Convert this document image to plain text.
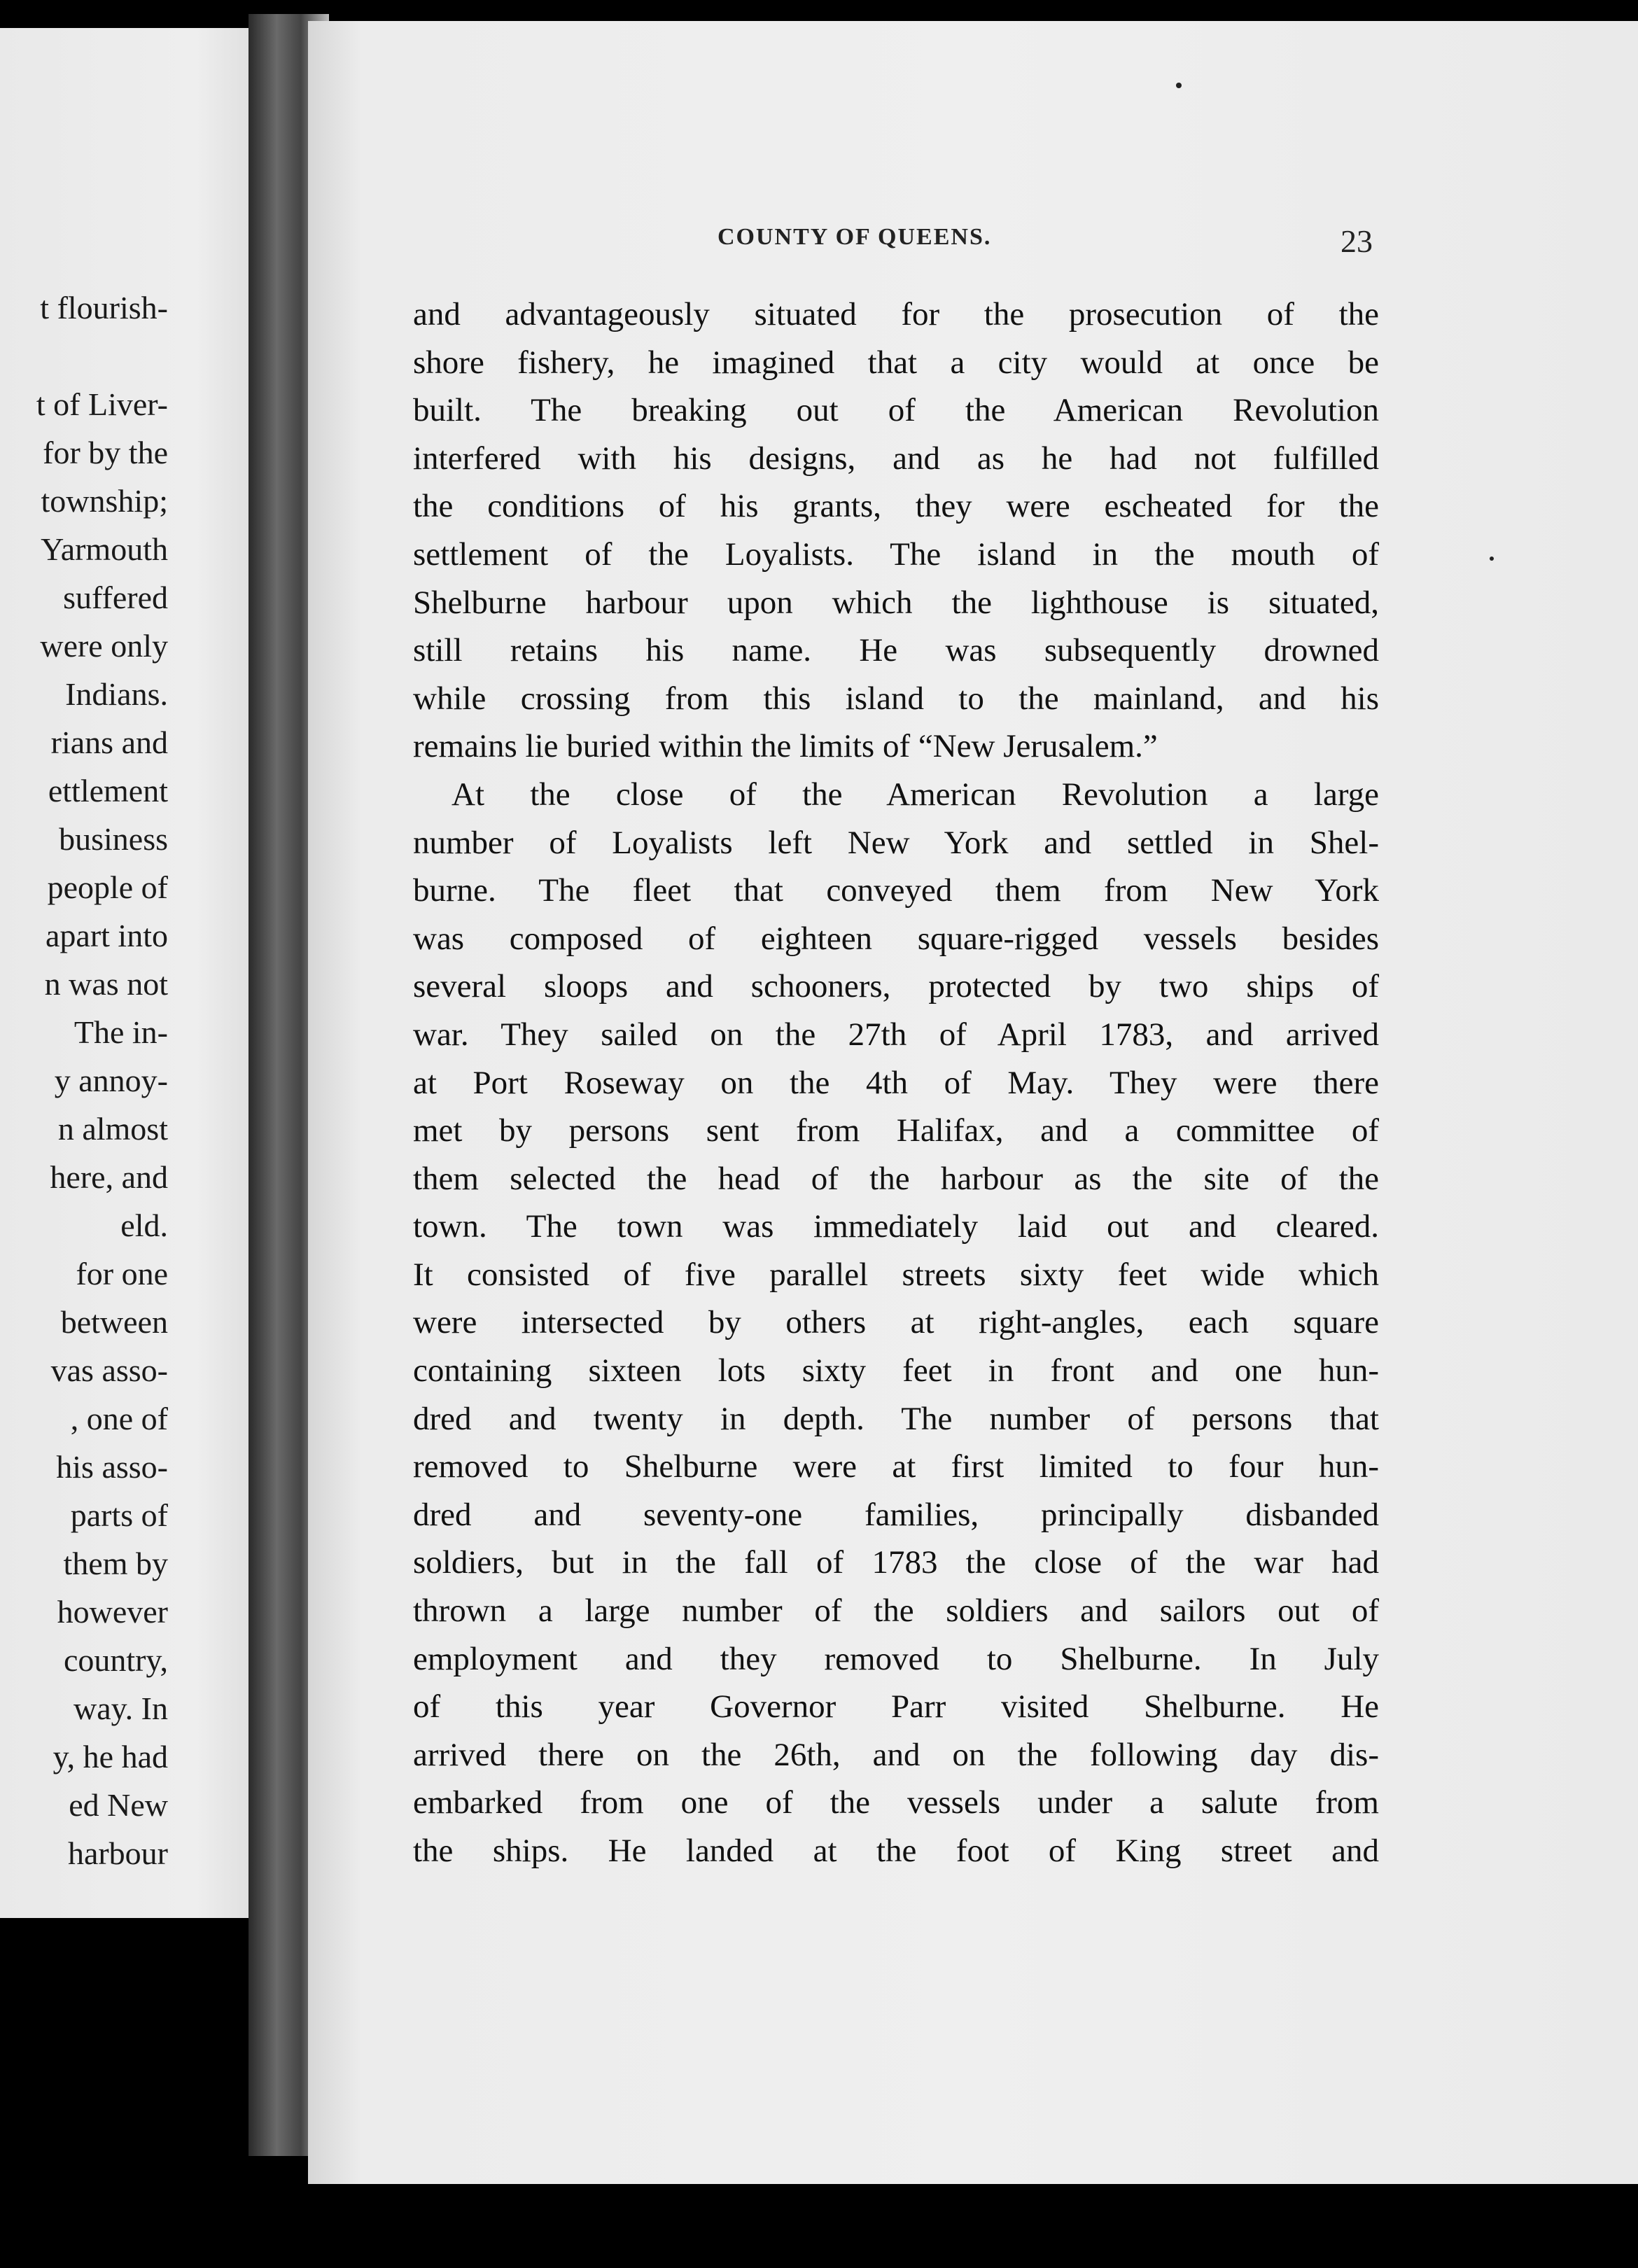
t flourish-
t of Liver-
for by the
township;
Yarmouth
suffered
were only
Indians.
rians and
ettlement
business
people of
apart into
n was not
The in-
y annoy-
n almost
here, and
eld.
for one
between
vas asso-
, one of
his asso-
parts of
them by
however
country,
way. In
y, he had
ed New
harbour
COUNTY OF QUEENS.	23
and advantageously situated for the prosecution of the
shore fishery, he imagined that a city would at once be
built. The breaking out of the American Revolution
interfered with his designs, and as he had not fulfilled
the conditions of his grants, they were escheated for the
settlement of the Loyalists. The island in the mouth of
Shelburne harbour upon which the lighthouse is situated,
still retains his name. He was subsequently drowned
while crossing from this island to the mainland, and his
remains lie buried within the limits of “New Jerusalem.”
At the close of the American Revolution a large
number of Loyalists left New York and settled in Shel-
burne. The fleet that conveyed them from New York
was composed of eighteen square-rigged vessels besides
several sloops and schooners, protected by two ships of
war. They sailed on the 27th of April 1783, and arrived
at Port Roseway on the 4th of May. They were there
met by persons sent from Halifax, and a committee of
them selected the head of the harbour as the site of the
town. The town was immediately laid out and cleared.
It consisted of five parallel streets sixty feet wide which
were intersected by others at right-angles, each square
containing sixteen lots sixty feet in front and one hun-
dred and twenty in depth. The number of persons that
removed to Shelburne were at first limited to four hun-
dred and seventy-one families, principally disbanded
soldiers, but in the fall of 1783 the close of the war had
thrown a large number of the soldiers and sailors out of
employment and they removed to Shelburne. In July
of this year Governor Parr visited Shelburne. He
arrived there on the 26th, and on the following day dis-
embarked from one of the vessels under a salute from
the ships. He landed at the foot of King street and
